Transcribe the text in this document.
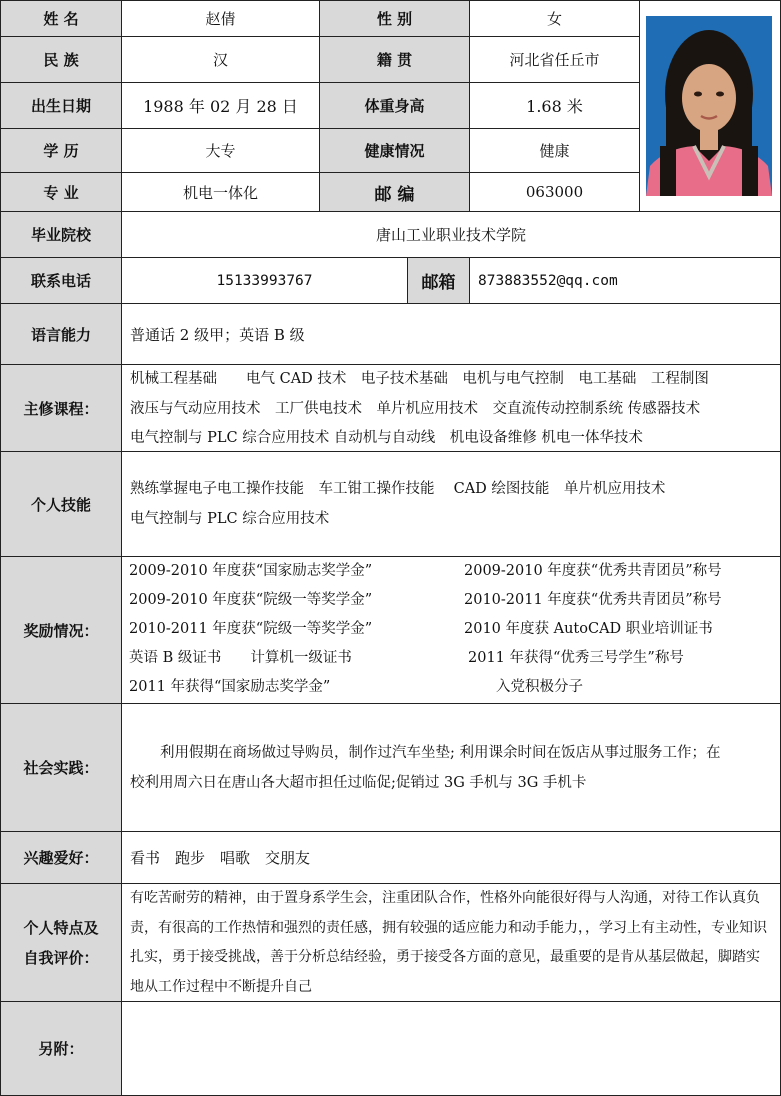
姓 名	赵倩	性 别	女
民 族	汉	籍 贯	河北省任丘市
出生日期	1988 年 02 月 28 日	体重身高	1.68 米
学 历	大专	健康情况	健康
专 业	机电一体化	邮 编	063000
毕业院校	唐山工业职业技术学院
联系电话	15133993767	邮箱 873883552@qq.com
语言能力	普通话 2 级甲；英语 B 级
主修课程：
机械工程基础　　电气 CAD 技术　电子技术基础　电机与电气控制　电工基础　工程制图
液压与气动应用技术　工厂供电技术　单片机应用技术　交直流传动控制系统 传感器技术
电气控制与 PLC 综合应用技术 自动机与自动线　机电设备维修 机电一体华技术
个人技能
熟练掌握电子电工操作技能　车工钳工操作技能　 CAD 绘图技能　单片机应用技术
电气控制与 PLC 综合应用技术
奖励情况：
2009-2010 年度获“国家励志奖学金”	2009-2010 年度获“优秀共青团员”称号
2009-2010 年度获“院级一等奖学金”	2010-2011 年度获“优秀共青团员”称号
2010-2011 年度获“院级一等奖学金”	2010 年度获 AutoCAD 职业培训证书
英语 B 级证书　　计算机一级证书	2011 年获得“优秀三号学生”称号
2011 年获得“国家励志奖学金”	入党积极分子
社会实践：
利用假期在商场做过导购员，制作过汽车坐垫; 利用课余时间在饭店从事过服务工作；在
校利用周六日在唐山各大超市担任过临促;促销过 3G 手机与 3G 手机卡
兴趣爱好： 看书　跑步　唱歌　交朋友
个人特点及
自我评价：
有吃苦耐劳的精神，由于置身系学生会，注重团队合作，性格外向能很好得与人沟通，对待工作认真负
责，有很高的工作热情和强烈的责任感，拥有较强的适应能力和动手能力，，学习上有主动性，专业知识
扎实，勇于接受挑战，善于分析总结经验，勇于接受各方面的意见，最重要的是肯从基层做起，脚踏实
地从工作过程中不断提升自己
另附：
